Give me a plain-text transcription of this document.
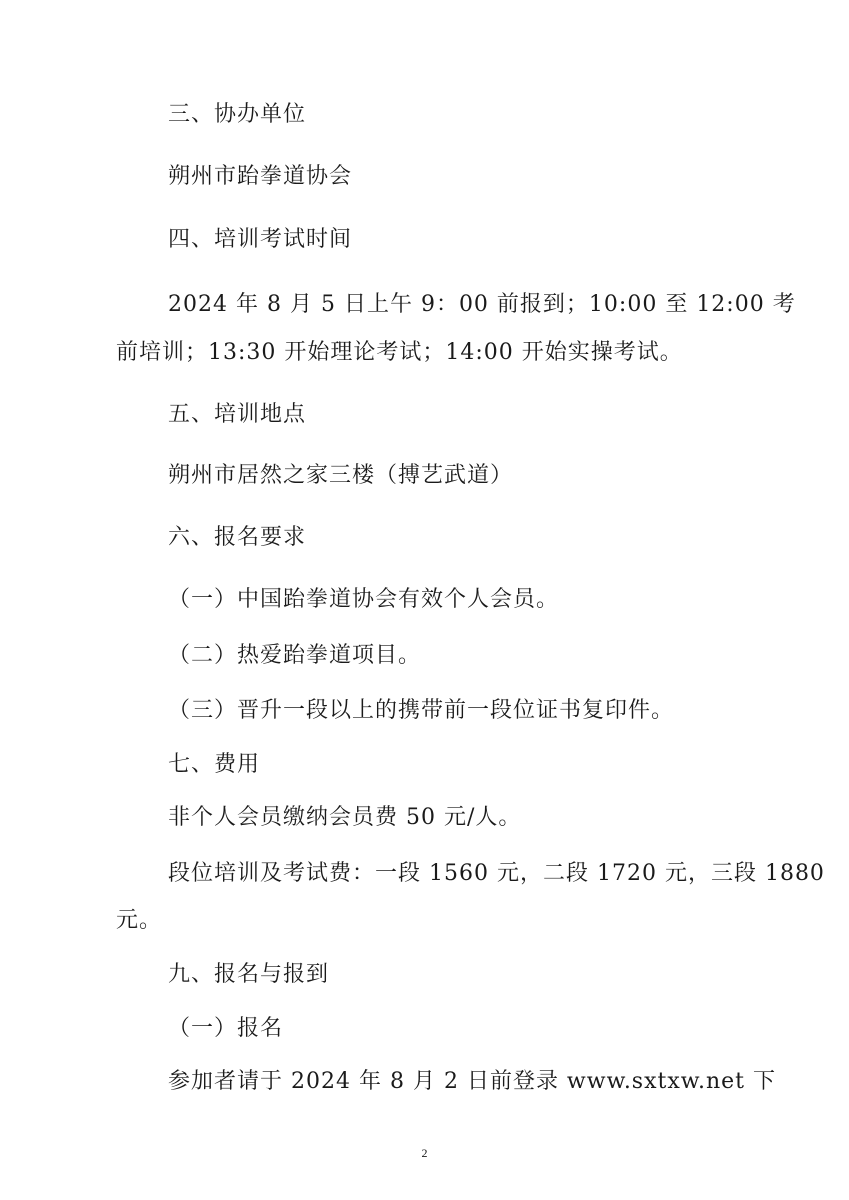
三、协办单位
朔州市跆拳道协会
四、培训考试时间
2024 年 8 月 5 日上午 9：00 前报到；10:00 至 12:00 考
前培训；13:30 开始理论考试；14:00 开始实操考试。
五、培训地点
朔州市居然之家三楼（搏艺武道）
六、报名要求
（一）中国跆拳道协会有效个人会员。
（二）热爱跆拳道项目。
（三）晋升一段以上的携带前一段位证书复印件。
七、费用
非个人会员缴纳会员费 50 元/人。
段位培训及考试费：一段 1560 元，二段 1720 元，三段 1880
元。
九、报名与报到
（一）报名
参加者请于 2024 年 8 月 2 日前登录 www.sxtxw.net 下
2
